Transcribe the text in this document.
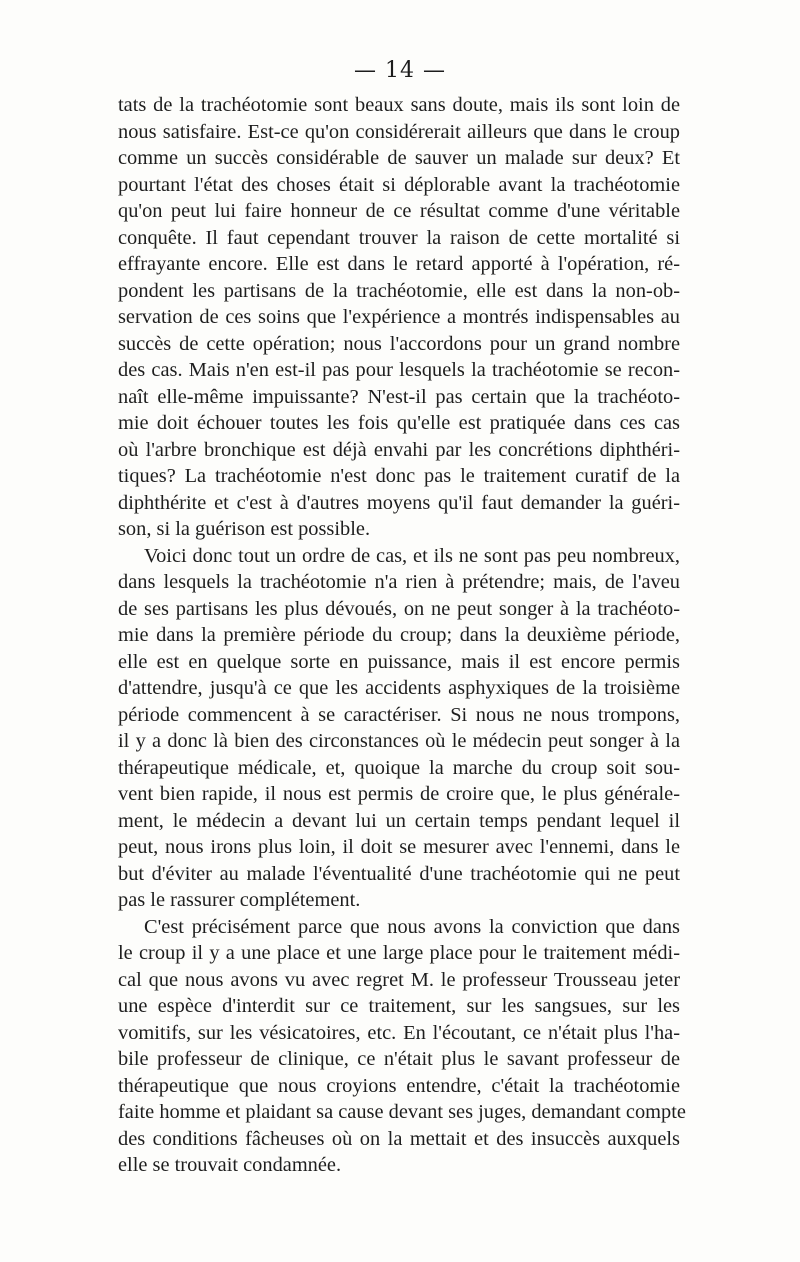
— 14 —

tats de la trachéotomie sont beaux sans doute, mais ils sont loin de
nous satisfaire. Est-ce qu'on considérerait ailleurs que dans le croup
comme un succès considérable de sauver un malade sur deux? Et
pourtant l'état des choses était si déplorable avant la trachéotomie
qu'on peut lui faire honneur de ce résultat comme d'une véritable
conquête. Il faut cependant trouver la raison de cette mortalité si
effrayante encore. Elle est dans le retard apporté à l'opération, ré-
pondent les partisans de la trachéotomie, elle est dans la non-ob-
servation de ces soins que l'expérience a montrés indispensables au
succès de cette opération; nous l'accordons pour un grand nombre
des cas. Mais n'en est-il pas pour lesquels la trachéotomie se recon-
naît elle-même impuissante? N'est-il pas certain que la trachéoto-
mie doit échouer toutes les fois qu'elle est pratiquée dans ces cas
où l'arbre bronchique est déjà envahi par les concrétions diphthéri-
tiques? La trachéotomie n'est donc pas le traitement curatif de la
diphthérite et c'est à d'autres moyens qu'il faut demander la guéri-
son, si la guérison est possible.

Voici donc tout un ordre de cas, et ils ne sont pas peu nombreux,
dans lesquels la trachéotomie n'a rien à prétendre; mais, de l'aveu
de ses partisans les plus dévoués, on ne peut songer à la trachéoto-
mie dans la première période du croup; dans la deuxième période,
elle est en quelque sorte en puissance, mais il est encore permis
d'attendre, jusqu'à ce que les accidents asphyxiques de la troisième
période commencent à se caractériser. Si nous ne nous trompons,
il y a donc là bien des circonstances où le médecin peut songer à la
thérapeutique médicale, et, quoique la marche du croup soit sou-
vent bien rapide, il nous est permis de croire que, le plus générale-
ment, le médecin a devant lui un certain temps pendant lequel il
peut, nous irons plus loin, il doit se mesurer avec l'ennemi, dans le
but d'éviter au malade l'éventualité d'une trachéotomie qui ne peut
pas le rassurer complétement.

C'est précisément parce que nous avons la conviction que dans
le croup il y a une place et une large place pour le traitement médi-
cal que nous avons vu avec regret M. le professeur Trousseau jeter
une espèce d'interdit sur ce traitement, sur les sangsues, sur les
vomitifs, sur les vésicatoires, etc. En l'écoutant, ce n'était plus l'ha-
bile professeur de clinique, ce n'était plus le savant professeur de
thérapeutique que nous croyions entendre, c'était la trachéotomie
faite homme et plaidant sa cause devant ses juges, demandant compte
des conditions fâcheuses où on la mettait et des insuccès auxquels
elle se trouvait condamnée.
